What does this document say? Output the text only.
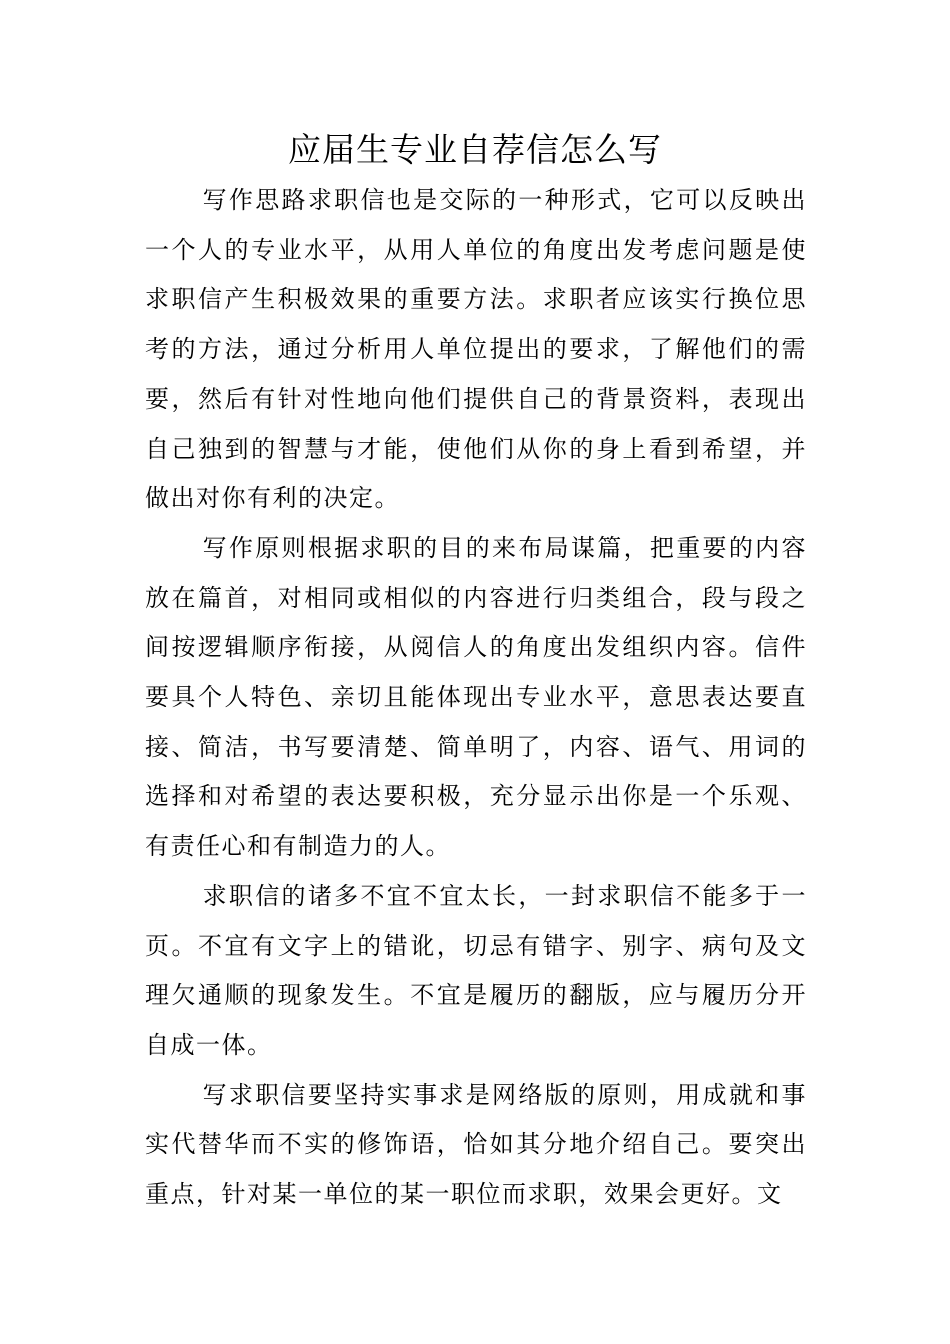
应届生专业自荐信怎么写

写作思路求职信也是交际的一种形式，它可以反映出一个人的专业水平，从用人单位的角度出发考虑问题是使求职信产生积极效果的重要方法。求职者应该实行换位思考的方法，通过分析用人单位提出的要求，了解他们的需要，然后有针对性地向他们提供自己的背景资料，表现出自己独到的智慧与才能，使他们从你的身上看到希望，并做出对你有利的决定。

写作原则根据求职的目的来布局谋篇，把重要的内容放在篇首，对相同或相似的内容进行归类组合，段与段之间按逻辑顺序衔接，从阅信人的角度出发组织内容。信件要具个人特色、亲切且能体现出专业水平，意思表达要直接、简洁，书写要清楚、简单明了，内容、语气、用词的选择和对希望的表达要积极，充分显示出你是一个乐观、有责任心和有制造力的人。

求职信的诸多不宜不宜太长，一封求职信不能多于一页。不宜有文字上的错讹，切忌有错字、别字、病句及文理欠通顺的现象发生。不宜是履历的翻版，应与履历分开自成一体。

写求职信要坚持实事求是网络版的原则，用成就和事实代替华而不实的修饰语，恰如其分地介绍自己。要突出重点，针对某一单位的某一职位而求职，效果会更好。文
